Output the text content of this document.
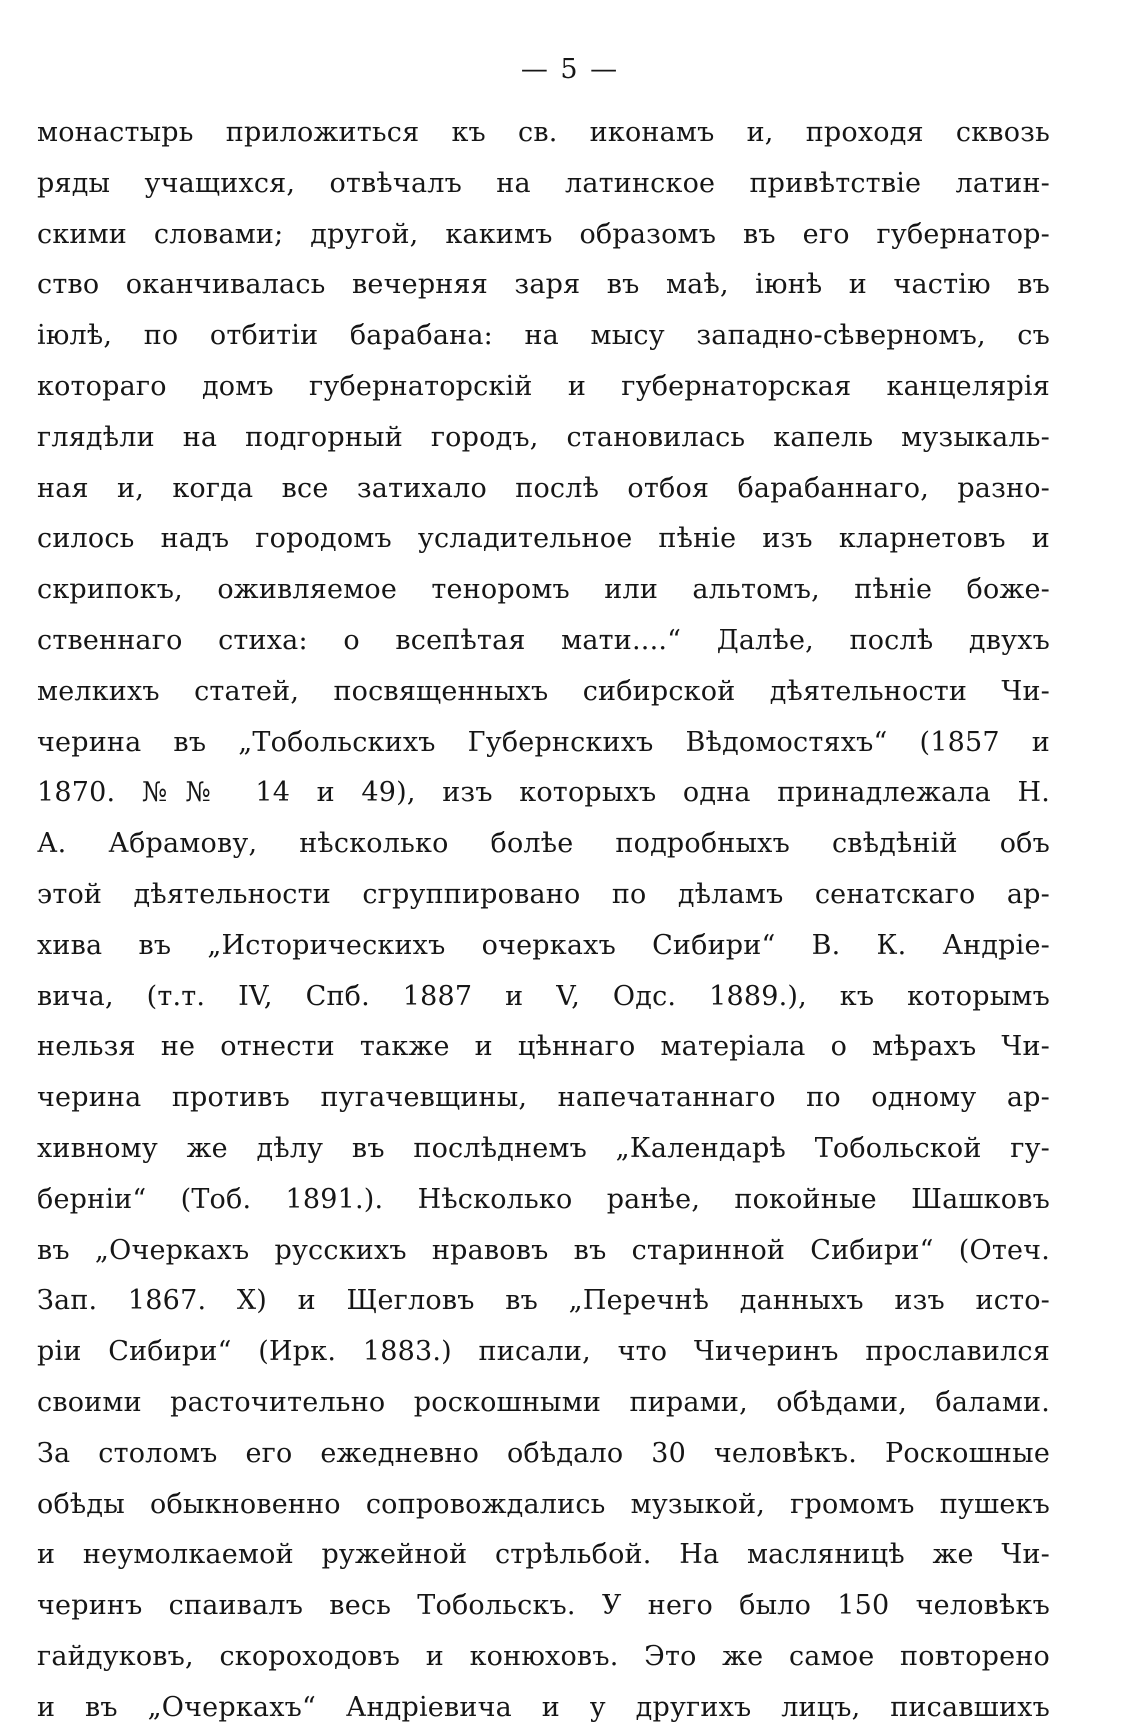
— 5 —
монастырь приложиться къ св. иконамъ и, проходя сквозь
ряды учащихся, отвѣчалъ на латинское привѣтствіе латин-
скими словами; другой, какимъ образомъ въ его губернатор-
ство оканчивалась вечерняя заря въ маѣ, іюнѣ и частію въ
іюлѣ, по отбитіи барабана: на мысу западно-сѣверномъ, съ
котораго домъ губернаторскій и губернаторская канцелярія
глядѣли на подгорный городъ, становилась капель музыкаль-
ная и, когда все затихало послѣ отбоя барабаннаго, разно-
силось надъ городомъ усладительное пѣніе изъ кларнетовъ и
скрипокъ, оживляемое теноромъ или альтомъ, пѣніе боже-
ственнаго стиха: о всепѣтая мати....“ Далѣе, послѣ двухъ
мелкихъ статей, посвященныхъ сибирской дѣятельности Чи-
черина въ „Тобольскихъ Губернскихъ Вѣдомостяхъ“ (1857 и
1870. №№ 14 и 49), изъ которыхъ одна принадлежала Н.
А. Абрамову, нѣсколько болѣе подробныхъ свѣдѣній объ
этой дѣятельности сгруппировано по дѣламъ сенатскаго ар-
хива въ „Историческихъ очеркахъ Сибири“ В. К. Андріе-
вича, (т.т. IV, Спб. 1887 и V, Одс. 1889.), къ которымъ
нельзя не отнести также и цѣннаго матеріала о мѣрахъ Чи-
черина противъ пугачевщины, напечатаннаго по одному ар-
хивному же дѣлу въ послѣднемъ „Календарѣ Тобольской гу-
берніи“ (Тоб. 1891.). Нѣсколько ранѣе, покойные Шашковъ
въ „Очеркахъ русскихъ нравовъ въ старинной Сибири“ (Отеч.
Зап. 1867. X) и Щегловъ въ „Перечнѣ данныхъ изъ исто-
ріи Сибири“ (Ирк. 1883.) писали, что Чичеринъ прославился
своими расточительно роскошными пирами, обѣдами, балами.
За столомъ его ежедневно обѣдало 30 человѣкъ. Роскошные
обѣды обыкновенно сопровождались музыкой, громомъ пушекъ
и неумолкаемой ружейной стрѣльбой. На масляницѣ же Чи-
черинъ спаивалъ весь Тобольскъ. У него было 150 человѣкъ
гайдуковъ, скороходовъ и конюховъ. Это же самое повторено
и въ „Очеркахъ“ Андріевича и у другихъ лицъ, писавшихъ
